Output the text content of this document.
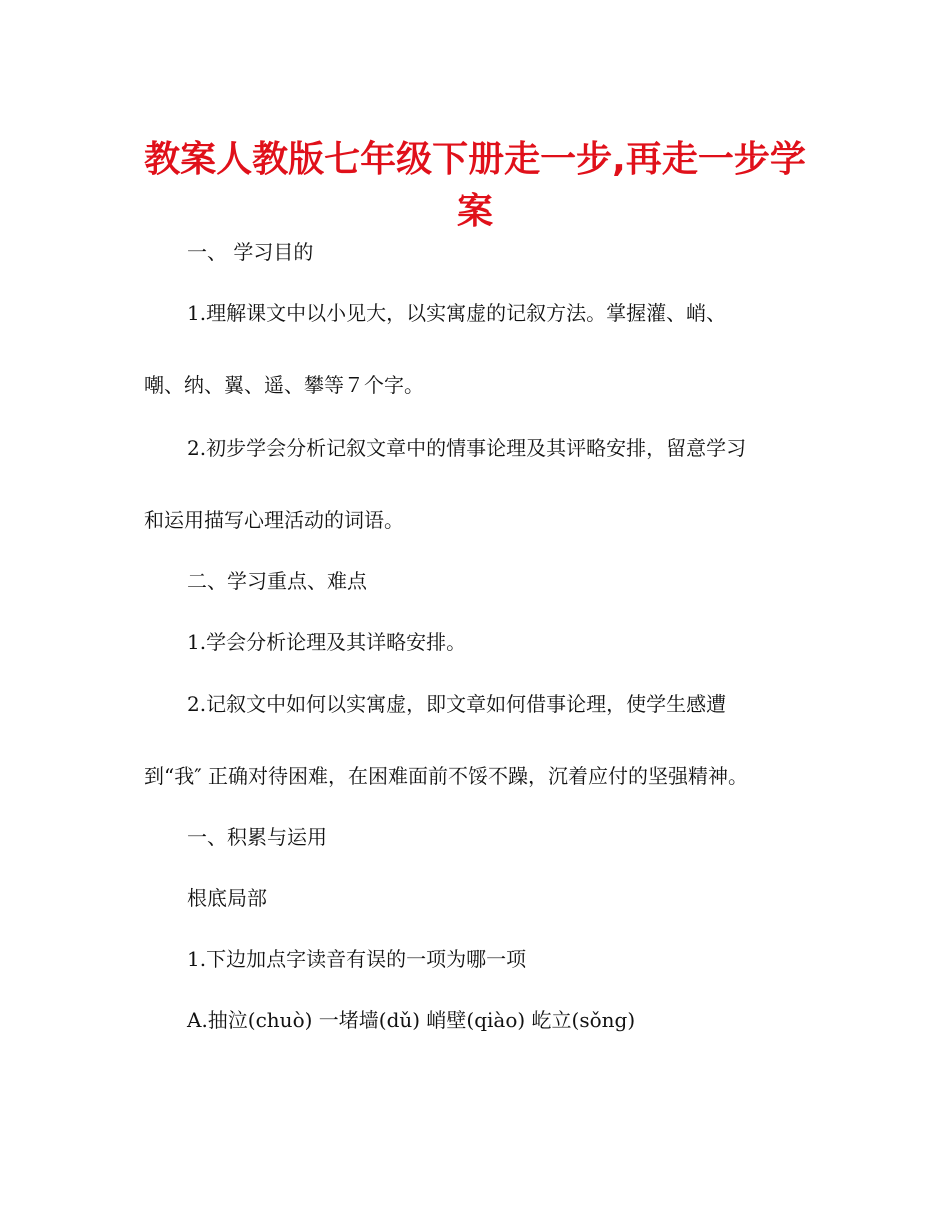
教案人教版七年级下册走一步,再走一步学
案

一、 学习目的

1.理解课文中以小见大，以实寓虚的记叙方法。掌握灌、峭、

嘲、纳、翼、遥、攀等７个字。

2.初步学会分析记叙文章中的情事论理及其评略安排，留意学习

和运用描写心理活动的词语。

二、学习重点、难点

1.学会分析论理及其详略安排。

2.记叙文中如何以实寓虚，即文章如何借事论理，使学生感遭

到“我″ 正确对待困难，在困难面前不馁不躁，沉着应付的坚强精神。

一、积累与运用

根底局部

1.下边加点字读音有误的一项为哪一项

A.抽泣(chuò) 一堵墙(dǔ) 峭壁(qiào) 屹立(sǒng)
